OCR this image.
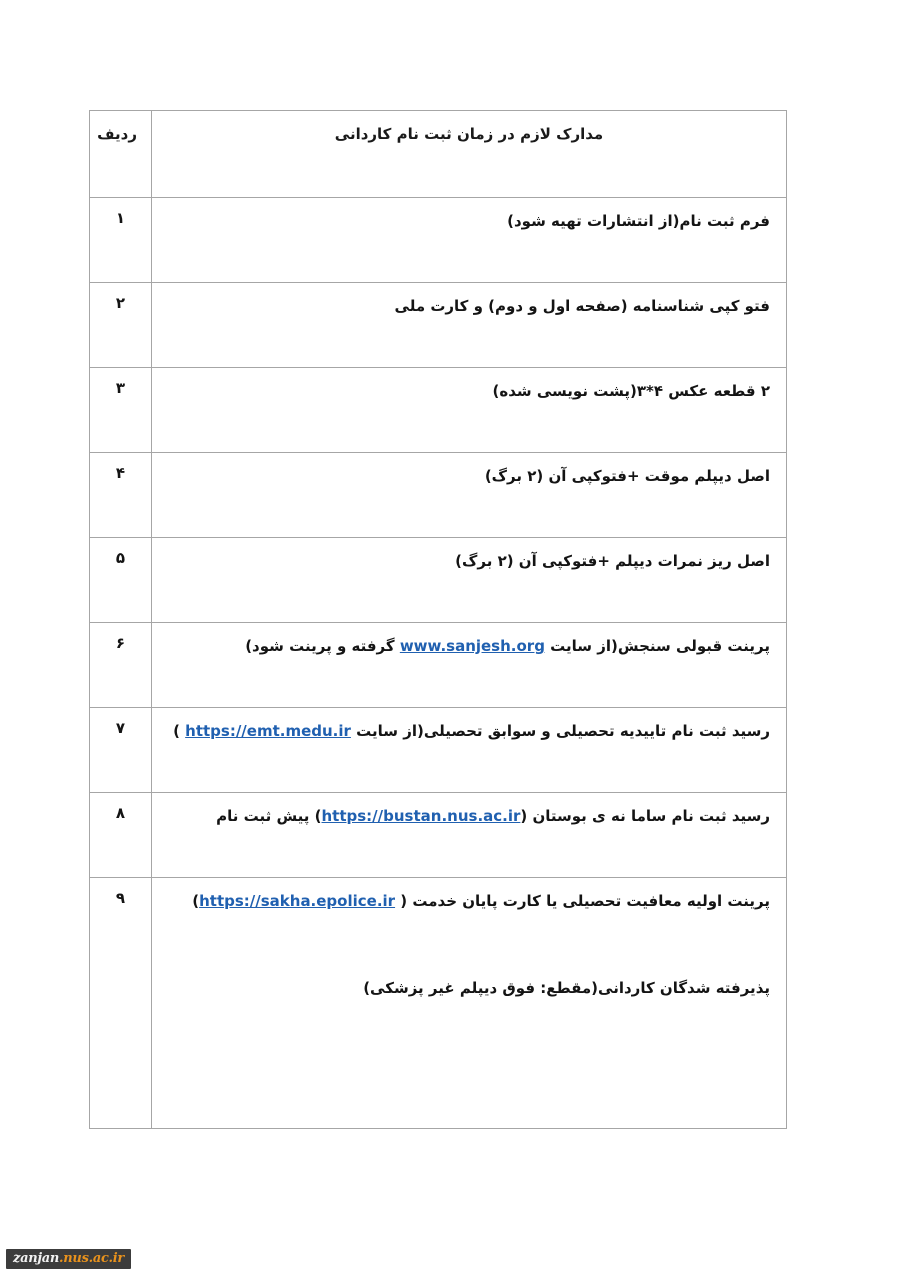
مدارک لازم در زمان ثبت نام کاردانی	ردیف

فرم ثبت نام(از انتشارات تهیه شود)	۱

فتو کپی شناسنامه (صفحه اول و دوم) و کارت ملی	۲

۲ قطعه عکس ۴*۳(پشت نویسی شده)	۳

اصل دیپلم موقت +فتوکپی آن (۲ برگ)	۴

اصل ریز نمرات دیپلم +فتوکپی آن (۲ برگ)	۵

پرینت قبولی سنجش(از سایت www.sanjesh.org گرفته و پرینت شود)	۶

رسید ثبت نام تاییدیه تحصیلی و سوابق تحصیلی(از سایت https://emt.medu.ir )	۷

رسید ثبت نام ساما نه ی بوستان (https://bustan.nus.ac.ir) پیش ثبت نام	۸

پرینت اولیه معافیت تحصیلی یا کارت پایان خدمت ( https://sakha.epolice.ir)
پذیرفته شدگان کاردانی(مقطع: فوق دیپلم غیر پزشکی)	۹
zanjan.nus.ac.ir
